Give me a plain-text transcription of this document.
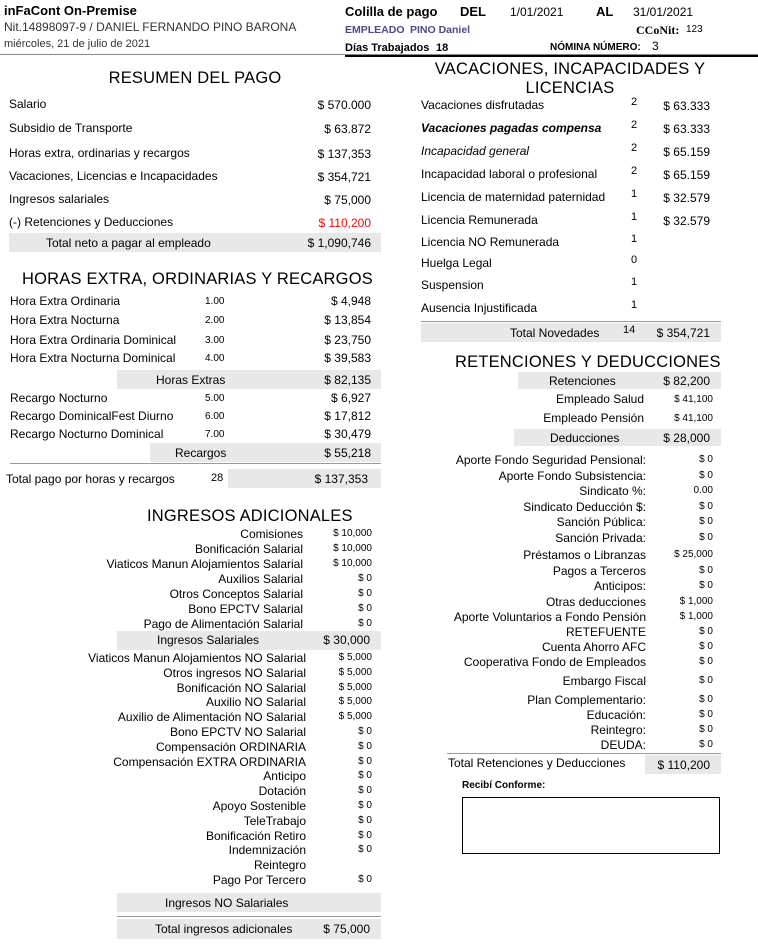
inFaCont On-Premise
Nit.14898097-9 / DANIEL FERNANDO PINO BARONA
miércoles, 21 de julio de 2021
Colilla de pago DEL 1/01/2021	AL 31/01/2021
EMPLEADO PINO Daniel	CCoNit: 123
Días Trabajados 18	NÓMINA NÚMERO: 3
RESUMEN DEL PAGO
Salario	$ 570.000
Subsidio de Transporte	$ 63.872
Horas extra, ordinarias y recargos	$ 137,353
Vacaciones, Licencias e Incapacidades	$ 354,721
Ingresos salariales	$ 75,000
(-) Retenciones y Deducciones	$ 110,200
Total neto a pagar al empleado	$ 1,090,746
HORAS EXTRA, ORDINARIAS Y RECARGOS
Hora Extra Ordinaria	1.00	$ 4,948
Hora Extra Nocturna	2.00	$ 13,854
Hora Extra Ordinaria Dominical	3.00	$ 23,750
Hora Extra Nocturna Dominical	4.00	$ 39,583
Horas Extras	$ 82,135
Recargo Nocturno	5.00	$ 6,927
Recargo DominicalFest Diurno	6.00	$ 17,812
Recargo Nocturno Dominical	7.00	$ 30,479
Recargos	$ 55,218
Total pago por horas y recargos	28	$ 137,353
INGRESOS ADICIONALES
Comisiones	$ 10,000
Bonificación Salarial	$ 10,000
Viaticos Manun Alojamientos Salarial	$ 10,000
Auxilios Salarial	$ 0
Otros Conceptos Salarial	$ 0
Bono EPCTV Salarial	$ 0
Pago de Alimentación Salarial	$ 0
Ingresos Salariales	$ 30,000
Viaticos Manun Alojamientos NO Salarial	$ 5,000
Otros ingresos NO Salarial	$ 5,000
Bonificación NO Salarial	$ 5,000
Auxilio NO Salarial	$ 5,000
Auxilio de Alimentación NO Salarial	$ 5,000
Bono EPCTV NO Salarial	$ 0
Compensación ORDINARIA	$ 0
Compensación EXTRA ORDINARIA	$ 0
Anticipo	$ 0
Dotación	$ 0
Apoyo Sostenible	$ 0
TeleTrabajo	$ 0
Bonificación Retiro	$ 0
Indemnización	$ 0
Reintegro
Pago Por Tercero	$ 0
Ingresos NO Salariales
Total ingresos adicionales	$ 75,000
VACACIONES, INCAPACIDADES Y
LICENCIAS
Vacaciones disfrutadas	2	$ 63.333
Vacaciones pagadas compensa	2	$ 63.333
Incapacidad general	2	$ 65.159
Incapacidad laboral o profesional	2	$ 65.159
Licencia de maternidad paternidad 1	$ 32.579
Licencia Remunerada	1	$ 32.579
Licencia NO Remunerada	1
Huelga Legal	0
Suspension	1
Ausencia Injustificada	1
Total Novedades 14	$ 354,721
RETENCIONES Y DEDUCCIONES
Retenciones	$ 82,200
Empleado Salud	$ 41,100
Empleado Pensión	$ 41,100
Deducciones	$ 28,000
Aporte Fondo Seguridad Pensional:	$ 0
Aporte Fondo Subsistencia:	$ 0
Sindicato %:	0.00
Sindicato Deducción $:	$ 0
Sanción Pública:	$ 0
Sanción Privada:	$ 0
Préstamos o Libranzas	$ 25,000
Pagos a Terceros	$ 0
Anticipos:	$ 0
Otras deducciones	$ 1,000
Aporte Voluntarios a Fondo Pensión	$ 1,000
RETEFUENTE	$ 0
Cuenta Ahorro AFC	$ 0
Cooperativa Fondo de Empleados	$ 0
Embargo Fiscal	$ 0
Plan Complementario:	$ 0
Educación:	$ 0
Reintegro:	$ 0
DEUDA:	$ 0
Total Retenciones y Deducciones	$ 110,200
Recibí Conforme:
